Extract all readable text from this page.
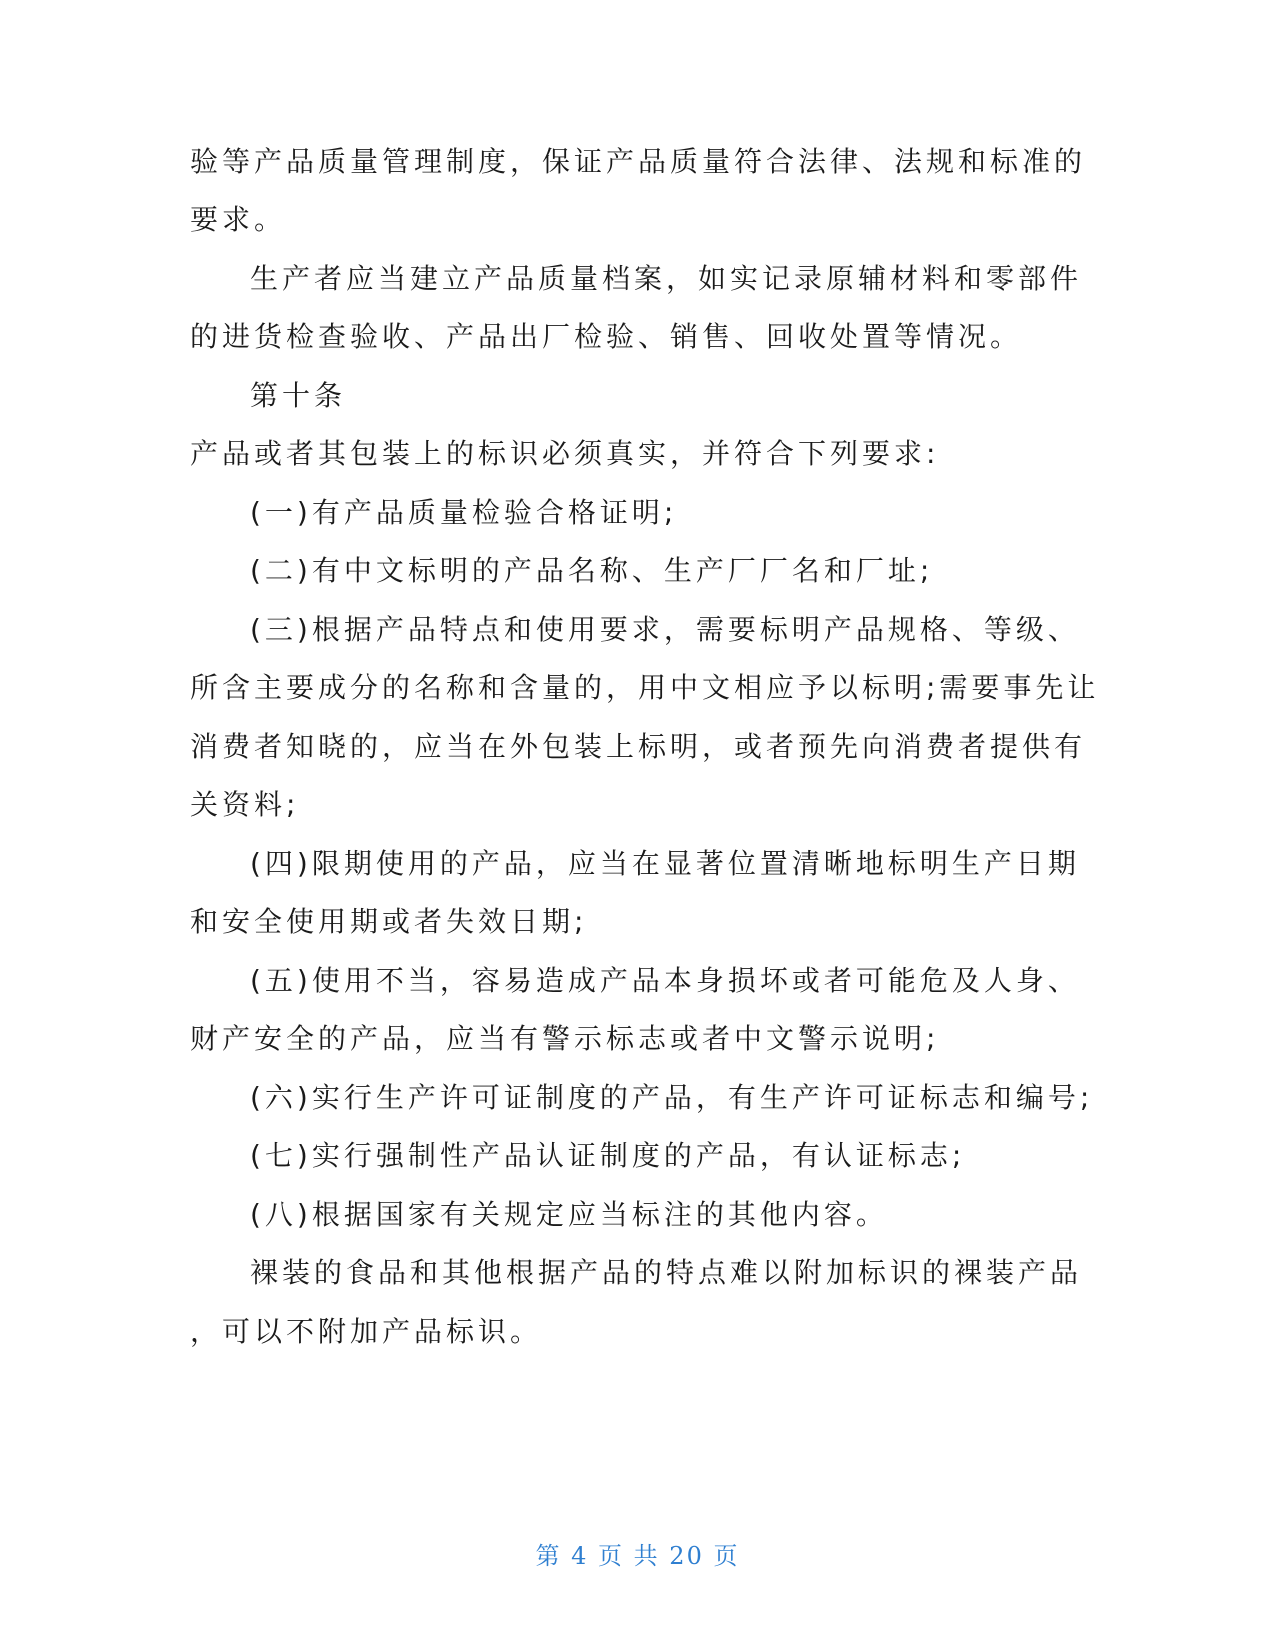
验等产品质量管理制度，保证产品质量符合法律、法规和标准的
要求。
生产者应当建立产品质量档案，如实记录原辅材料和零部件
的进货检查验收、产品出厂检验、销售、回收处置等情况。
第十条
产品或者其包装上的标识必须真实，并符合下列要求:
(一)有产品质量检验合格证明;
(二)有中文标明的产品名称、生产厂厂名和厂址;
(三)根据产品特点和使用要求，需要标明产品规格、等级、
所含主要成分的名称和含量的，用中文相应予以标明;需要事先让
消费者知晓的，应当在外包装上标明，或者预先向消费者提供有
关资料;
(四)限期使用的产品，应当在显著位置清晰地标明生产日期
和安全使用期或者失效日期;
(五)使用不当，容易造成产品本身损坏或者可能危及人身、
财产安全的产品，应当有警示标志或者中文警示说明;
(六)实行生产许可证制度的产品，有生产许可证标志和编号;
(七)实行强制性产品认证制度的产品，有认证标志;
(八)根据国家有关规定应当标注的其他内容。
裸装的食品和其他根据产品的特点难以附加标识的裸装产品
，可以不附加产品标识。
第 4 页 共 20 页
